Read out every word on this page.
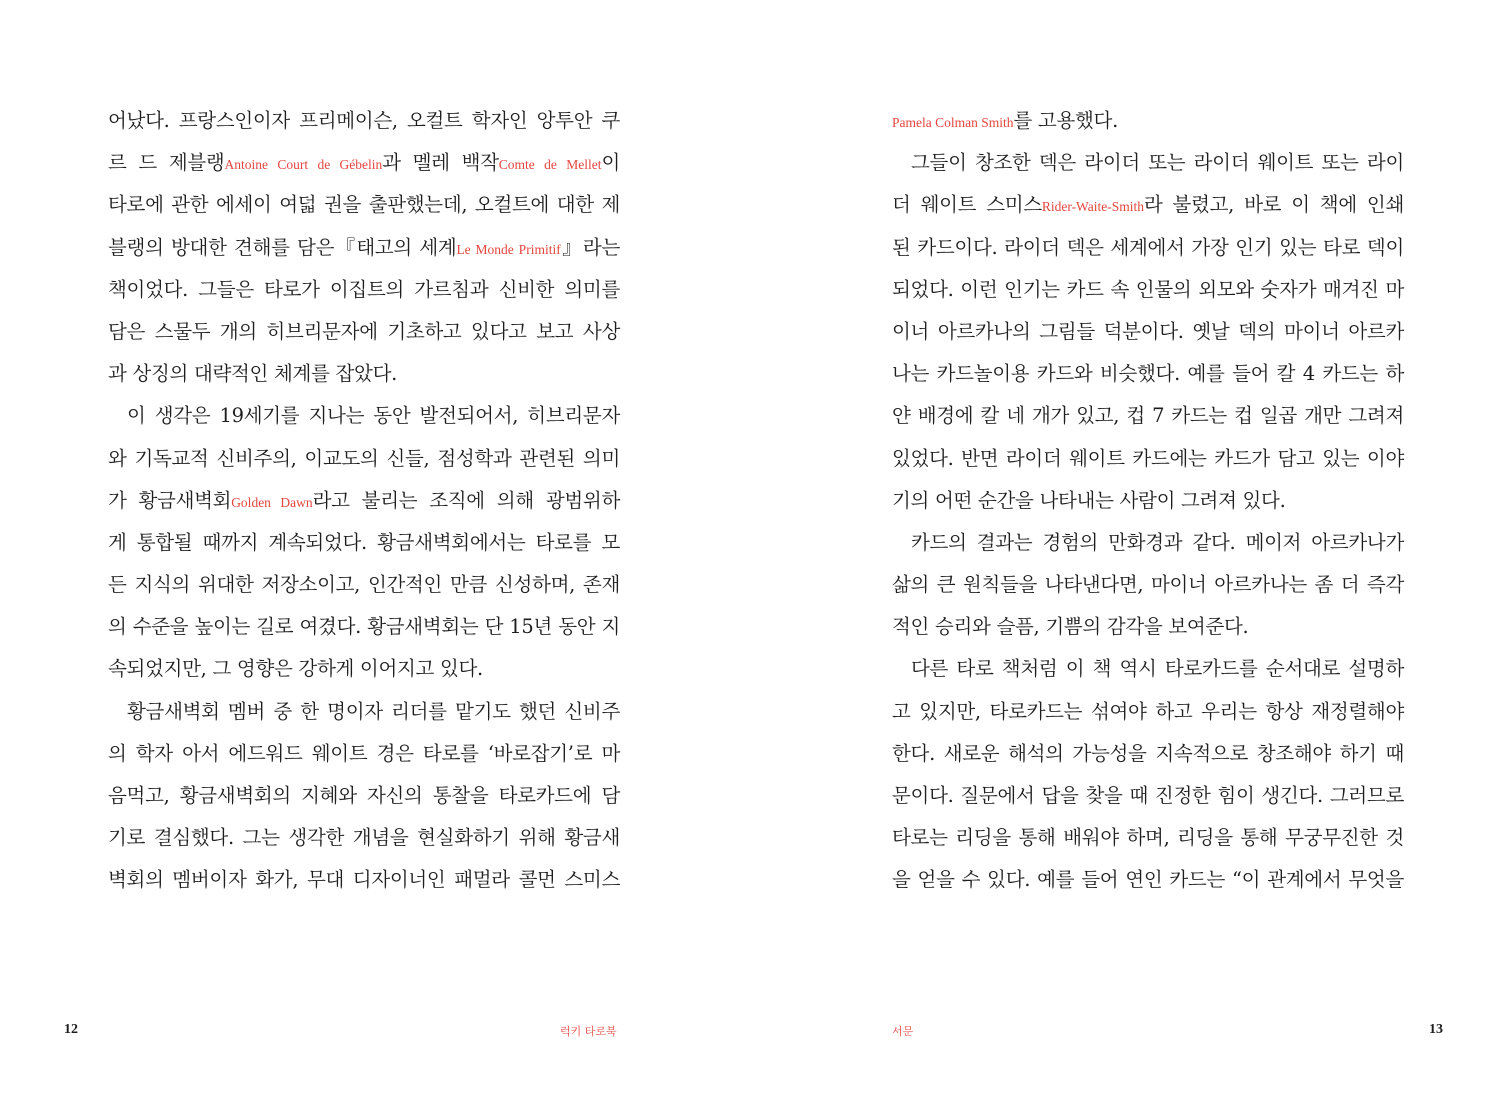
어났다. 프랑스인이자 프리메이슨, 오컬트 학자인 앙투안 쿠
르 드 제블랭Antoine Court de Gébelin과 멜레 백작Comte de Mellet이
타로에 관한 에세이 여덟 권을 출판했는데, 오컬트에 대한 제
블랭의 방대한 견해를 담은『태고의 세계Le Monde Primitif』라는
책이었다. 그들은 타로가 이집트의 가르침과 신비한 의미를
담은 스물두 개의 히브리문자에 기초하고 있다고 보고 사상
과 상징의 대략적인 체계를 잡았다.
이 생각은 19세기를 지나는 동안 발전되어서, 히브리문자
와 기독교적 신비주의, 이교도의 신들, 점성학과 관련된 의미
가 황금새벽회Golden Dawn라고 불리는 조직에 의해 광범위하
게 통합될 때까지 계속되었다. 황금새벽회에서는 타로를 모
든 지식의 위대한 저장소이고, 인간적인 만큼 신성하며, 존재
의 수준을 높이는 길로 여겼다. 황금새벽회는 단 15년 동안 지
속되었지만, 그 영향은 강하게 이어지고 있다.
황금새벽회 멤버 중 한 명이자 리더를 맡기도 했던 신비주
의 학자 아서 에드워드 웨이트 경은 타로를 ‘바로잡기’로 마
음먹고, 황금새벽회의 지혜와 자신의 통찰을 타로카드에 담
기로 결심했다. 그는 생각한 개념을 현실화하기 위해 황금새
벽회의 멤버이자 화가, 무대 디자이너인 패멀라 콜먼 스미스
12	럭키 타로북
Pamela Colman Smith를 고용했다.
그들이 창조한 덱은 라이더 또는 라이더 웨이트 또는 라이
더 웨이트 스미스Rider-Waite-Smith라 불렸고, 바로 이 책에 인쇄
된 카드이다. 라이더 덱은 세계에서 가장 인기 있는 타로 덱이
되었다. 이런 인기는 카드 속 인물의 외모와 숫자가 매겨진 마
이너 아르카나의 그림들 덕분이다. 옛날 덱의 마이너 아르카
나는 카드놀이용 카드와 비슷했다. 예를 들어 칼 4 카드는 하
얀 배경에 칼 네 개가 있고, 컵 7 카드는 컵 일곱 개만 그려져
있었다. 반면 라이더 웨이트 카드에는 카드가 담고 있는 이야
기의 어떤 순간을 나타내는 사람이 그려져 있다.
카드의 결과는 경험의 만화경과 같다. 메이저 아르카나가
삶의 큰 원칙들을 나타낸다면, 마이너 아르카나는 좀 더 즉각
적인 승리와 슬픔, 기쁨의 감각을 보여준다.
다른 타로 책처럼 이 책 역시 타로카드를 순서대로 설명하
고 있지만, 타로카드는 섞여야 하고 우리는 항상 재정렬해야
한다. 새로운 해석의 가능성을 지속적으로 창조해야 하기 때
문이다. 질문에서 답을 찾을 때 진정한 힘이 생긴다. 그러므로
타로는 리딩을 통해 배워야 하며, 리딩을 통해 무궁무진한 것
을 얻을 수 있다. 예를 들어 연인 카드는 “이 관계에서 무엇을
서문	13
